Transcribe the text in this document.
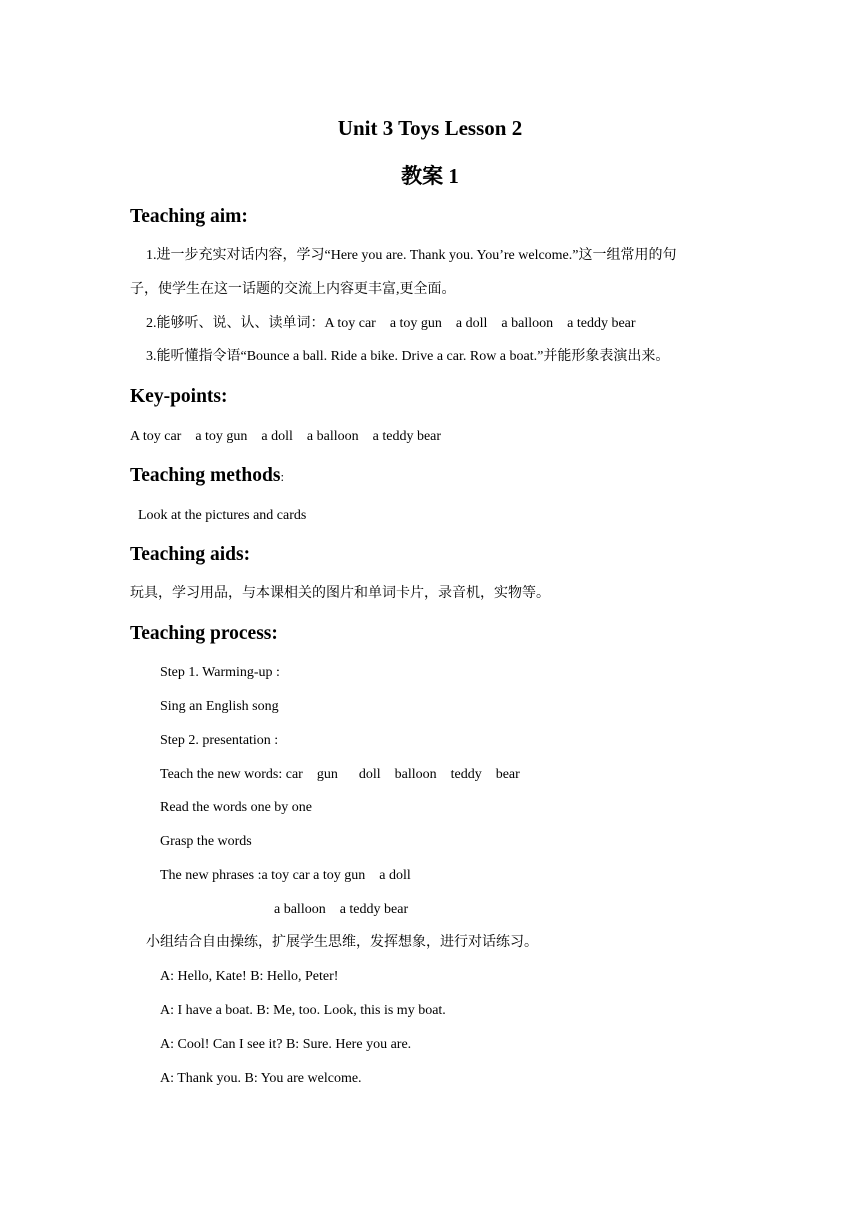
Unit 3 Toys Lesson 2
教案 1
Teaching aim:
1.进一步充实对话内容，学习“Here you are. Thank you. You’re welcome.”这一组常用的句
子，使学生在这一话题的交流上内容更丰富,更全面。
2.能够听、说、认、读单词：A toy car    a toy gun    a doll    a balloon    a teddy bear
3.能听懂指令语“Bounce a ball. Ride a bike. Drive a car. Row a boat.”并能形象表演出来。
Key-points:
A toy car    a toy gun    a doll    a balloon    a teddy bear
Teaching methods:
Look at the pictures and cards
Teaching aids:
玩具，学习用品，与本课相关的图片和单词卡片，录音机，实物等。
Teaching process:
Step 1. Warming-up :
Sing an English song
Step 2. presentation :
Teach the new words: car    gun      doll    balloon    teddy    bear
Read the words one by one
Grasp the words
The new phrases :a toy car a toy gun    a doll
a balloon    a teddy bear
小组结合自由操练，扩展学生思维，发挥想象，进行对话练习。
A: Hello, Kate! B: Hello, Peter!
A: I have a boat. B: Me, too. Look, this is my boat.
A: Cool! Can I see it? B: Sure. Here you are.
A: Thank you. B: You are welcome.
